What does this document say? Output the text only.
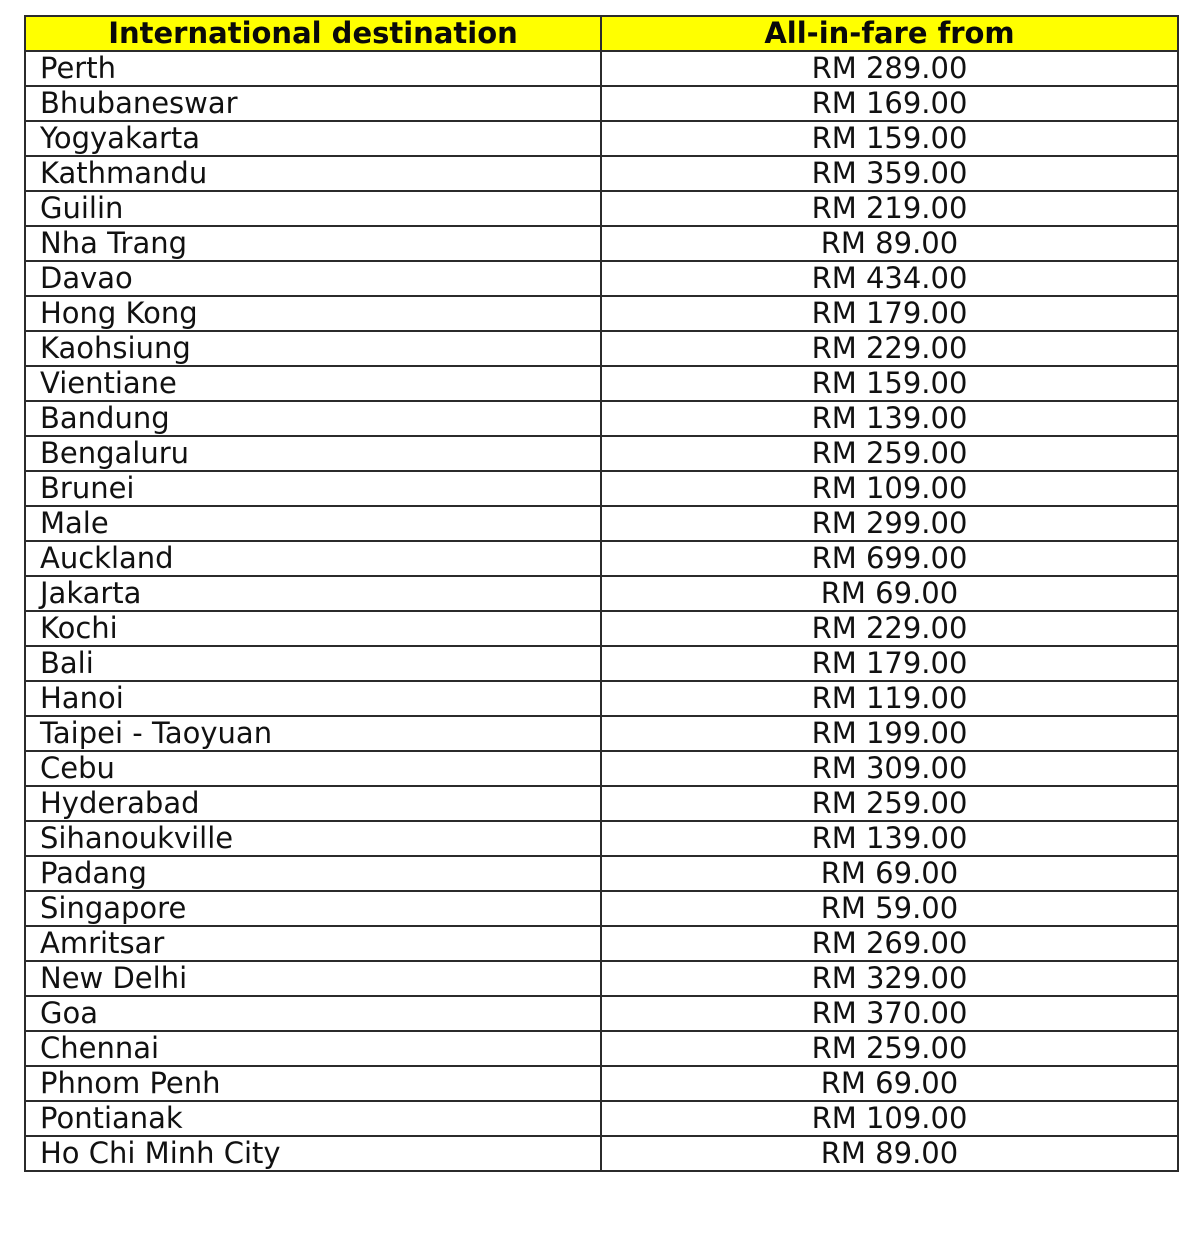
International destination	All-in-fare from
Perth	RM 289.00
Bhubaneswar	RM 169.00
Yogyakarta	RM 159.00
Kathmandu	RM 359.00
Guilin	RM 219.00
Nha Trang	RM 89.00
Davao	RM 434.00
Hong Kong	RM 179.00
Kaohsiung	RM 229.00
Vientiane	RM 159.00
Bandung	RM 139.00
Bengaluru	RM 259.00
Brunei	RM 109.00
Male	RM 299.00
Auckland	RM 699.00
Jakarta	RM 69.00
Kochi	RM 229.00
Bali	RM 179.00
Hanoi	RM 119.00
Taipei - Taoyuan	RM 199.00
Cebu	RM 309.00
Hyderabad	RM 259.00
Sihanoukville	RM 139.00
Padang	RM 69.00
Singapore	RM 59.00
Amritsar	RM 269.00
New Delhi	RM 329.00
Goa	RM 370.00
Chennai	RM 259.00
Phnom Penh	RM 69.00
Pontianak	RM 109.00
Ho Chi Minh City	RM 89.00
